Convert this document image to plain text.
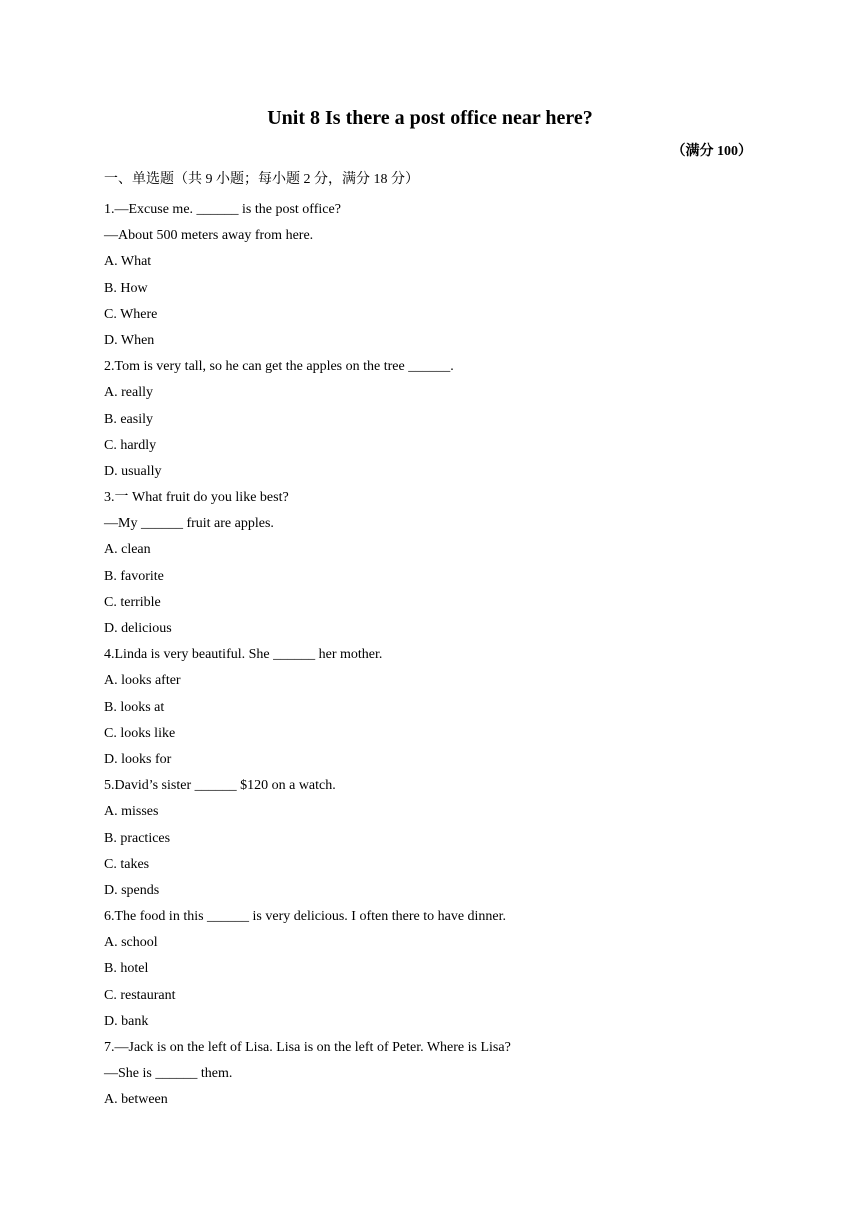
Unit 8 Is there a post office near here?
（满分 100）
一、单选题（共 9 小题；每小题 2 分，满分 18 分）
1.—Excuse me. ______ is the post office?
—About 500 meters away from here.
A. What
B. How
C. Where
D. When
2.Tom is very tall, so he can get the apples on the tree ______.
A. really
B. easily
C. hardly
D. usually
3.一 What fruit do you like best?
—My ______ fruit are apples.
A. clean
B. favorite
C. terrible
D. delicious
4.Linda is very beautiful. She ______ her mother.
A. looks after
B. looks at
C. looks like
D. looks for
5.David’s sister ______ $120 on a watch.
A. misses
B. practices
C. takes
D. spends
6.The food in this ______ is very delicious. I often there to have dinner.
A. school
B. hotel
C. restaurant
D. bank
7.—Jack is on the left of Lisa. Lisa is on the left of Peter. Where is Lisa?
—She is ______ them.
A. between
